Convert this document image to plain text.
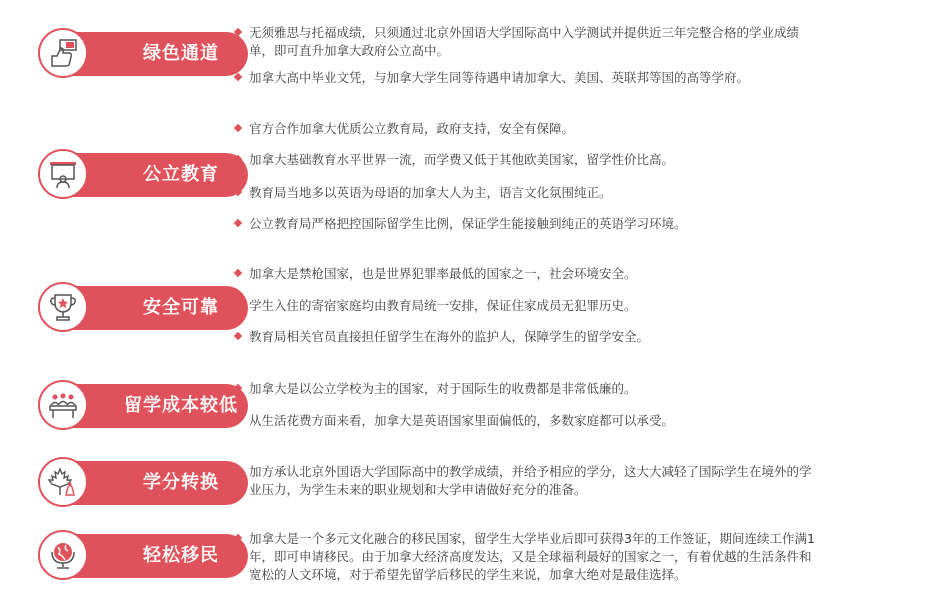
绿色通道
无须雅思与托福成绩，只须通过北京外国语大学国际高中入学测试并提供近三年完整合格的学业成绩单，即可直升加拿大政府公立高中。
加拿大高中毕业文凭，与加拿大学生同等待遇申请加拿大、美国、英联邦等国的高等学府。
公立教育
官方合作加拿大优质公立教育局，政府支持，安全有保障。
加拿大基础教育水平世界一流，而学费又低于其他欧美国家，留学性价比高。
教育局当地多以英语为母语的加拿大人为主，语言文化氛围纯正。
公立教育局严格把控国际留学生比例，保证学生能接触到纯正的英语学习环境。
安全可靠
加拿大是禁枪国家，也是世界犯罪率最低的国家之一，社会环境安全。
学生入住的寄宿家庭均由教育局统一安排，保证住家成员无犯罪历史。
教育局相关官员直接担任留学生在海外的监护人，保障学生的留学安全。
留学成本较低
加拿大是以公立学校为主的国家，对于国际生的收费都是非常低廉的。
从生活花费方面来看，加拿大是英语国家里面偏低的，多数家庭都可以承受。
学分转换
加方承认北京外国语大学国际高中的教学成绩，并给予相应的学分，这大大减轻了国际学生在境外的学业压力，为学生未来的职业规划和大学申请做好充分的准备。
轻松移民
加拿大是一个多元文化融合的移民国家，留学生大学毕业后即可获得3年的工作签证，期间连续工作满1年，即可申请移民。由于加拿大经济高度发达，又是全球福利最好的国家之一，有着优越的生活条件和宽松的人文环境，对于希望先留学后移民的学生来说，加拿大绝对是最佳选择。
